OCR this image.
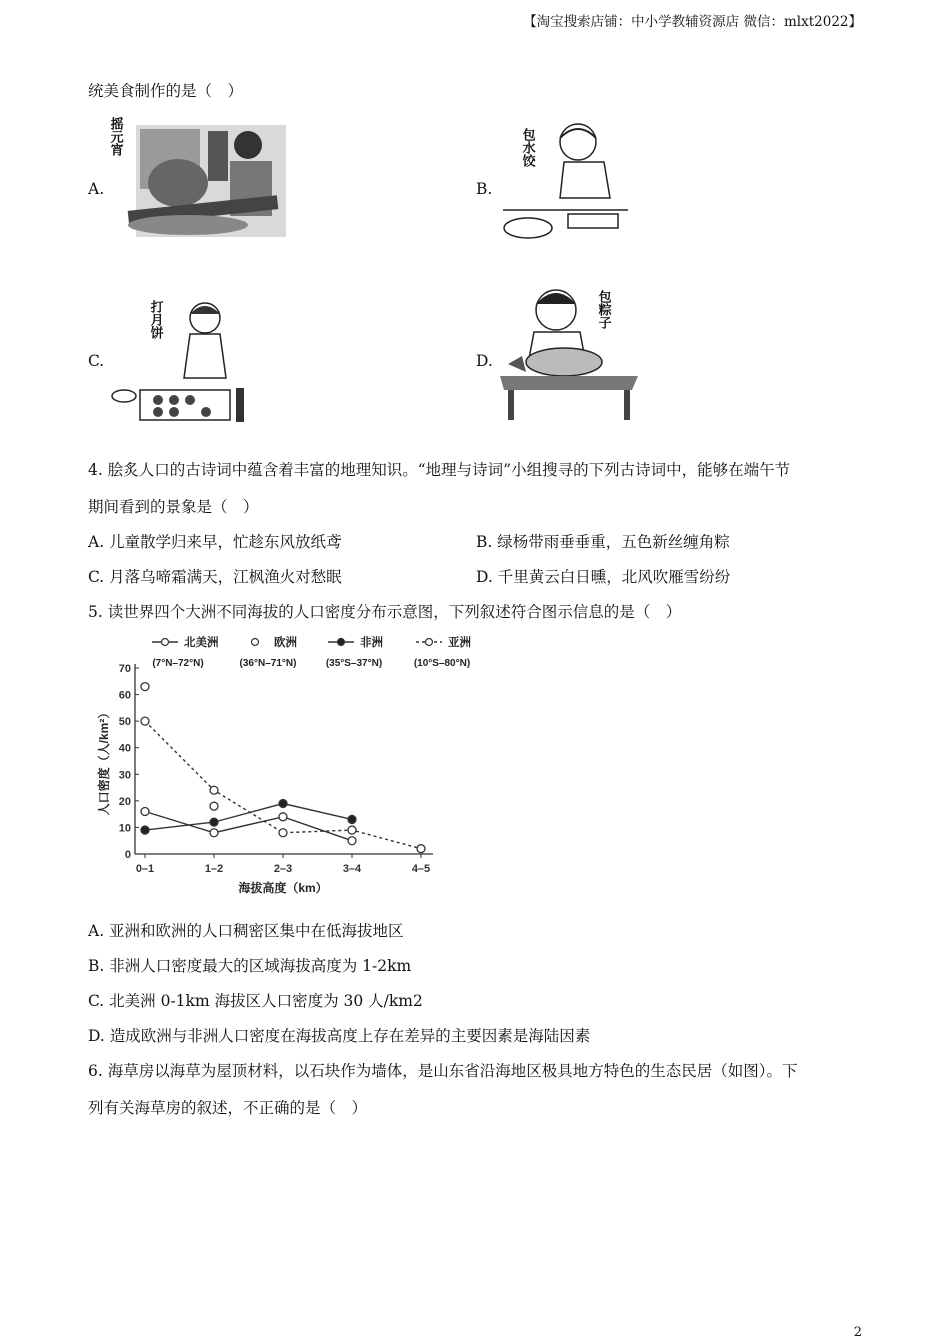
【淘宝搜索店铺：中小学教辅资源店 微信：mlxt2022】
统美食制作的是（　）
A.
摇元宵
B.
包水饺
C.
打月饼
D.
包粽子
4. 脍炙人口的古诗词中蕴含着丰富的地理知识。“地理与诗词”小组搜寻的下列古诗词中，能够在端午节
期间看到的景象是（　）
A. 儿童散学归来早，忙趁东风放纸鸢	B. 绿杨带雨垂垂重，五色新丝缠角粽
C. 月落乌啼霜满天，江枫渔火对愁眠	D. 千里黄云白日曛，北风吹雁雪纷纷
5. 读世界四个大洲不同海拔的人口密度分布示意图，下列叙述符合图示信息的是（　）
0
10
20
30
40
50
60
70
0–1	1–2	2–3	3–4	4–5
海拔高度（km）
人口密度（人/km²）
北美洲
(7°N–72°N)
欧洲
(36°N–71°N)
非洲
(35°S–37°N)
亚洲
(10°S–80°N)
A. 亚洲和欧洲的人口稠密区集中在低海拔地区
B. 非洲人口密度最大的区域海拔高度为 1-2km
C. 北美洲 0-1km 海拔区人口密度为 30 人/km2
D. 造成欧洲与非洲人口密度在海拔高度上存在差异的主要因素是海陆因素
6. 海草房以海草为屋顶材料，以石块作为墙体，是山东省沿海地区极具地方特色的生态民居（如图）。下
列有关海草房的叙述，不正确的是（　）
2
